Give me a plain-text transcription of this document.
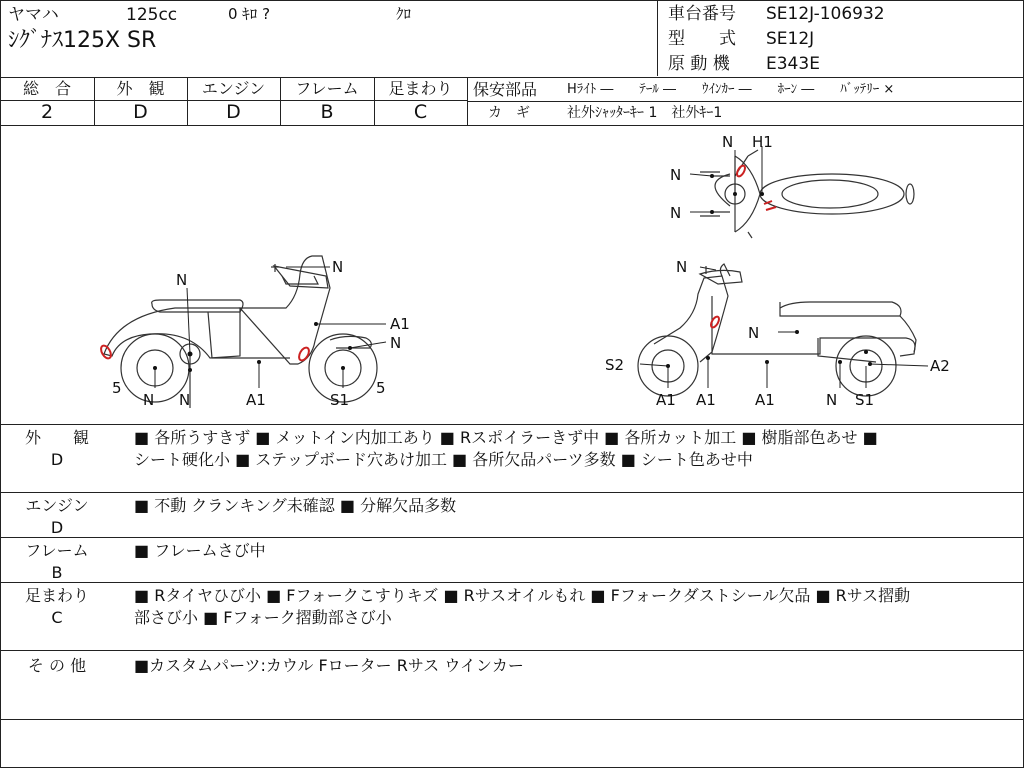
ヤマハ	125cc	0 ｷﾛ ?	ｸﾛ
ｼｸﾞﾅｽ125X SR
車台番号 SE12J-106932
型　　式 SE12J
原 動 機 E343E
総　合
2
外　観
D
エンジン
D
フレーム
B
足まわり
C
保安部品 Hﾗｲﾄ ―　　ﾃｰﾙ ―　　ｳｲﾝｶｰ ―　　ﾎｰﾝ ―　　ﾊﾞｯﾃﾘｰ ×
カ　ギ	社外ｼｬｯﾀｰｷｰ 1　社外ｷｰ1
N H1
N
N
N
N
A1
N
5	5
N N	A1	S1
N
N
S2	A2
A1 A1	A1	N S1
外　　観
D
■ 各所うすきず ■ メットイン内加工あり ■ Rスポイラーきず中 ■ 各所カット加工 ■ 樹脂部色あせ ■
シート硬化小 ■ ステップボード穴あけ加工 ■ 各所欠品パーツ多数 ■ シート色あせ中
エンジン
D
■ 不動 クランキング未確認 ■ 分解欠品多数
フレーム
B
■ フレームさび中
足まわり
C
■ Rタイヤひび小 ■ Fフォークこすりキズ ■ Rサスオイルもれ ■ Fフォークダストシール欠品 ■ Rサス摺動
部さび小 ■ Fフォーク摺動部さび小
そ の 他	■カスタムパーツ:カウル Fローター Rサス ウインカー
